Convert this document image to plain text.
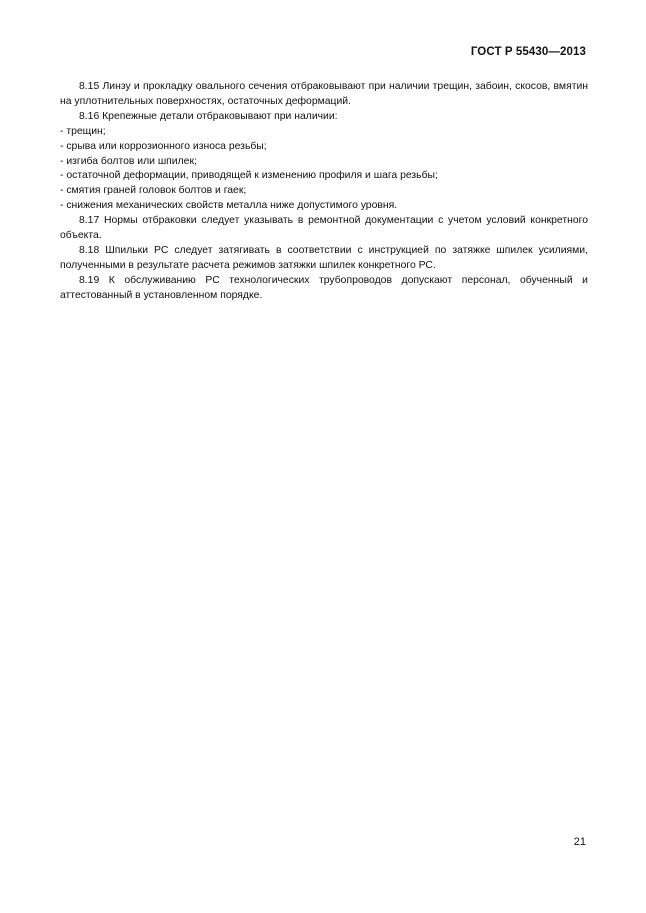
ГОСТ Р 55430—2013

8.15 Линзу и прокладку овального сечения отбраковывают при наличии трещин, забоин, скосов, вмятин на уплотнительных поверхностях, остаточных деформаций.

8.16 Крепежные детали отбраковывают при наличии:

- трещин;

- срыва или коррозионного износа резьбы;

- изгиба болтов или шпилек;

- остаточной деформации, приводящей к изменению профиля и шага резьбы;

- смятия граней головок болтов и гаек;

- снижения механических свойств металла ниже допустимого уровня.

8.17 Нормы отбраковки следует указывать в ремонтной документации с учетом условий конкретного объекта.

8.18 Шпильки РС следует затягивать в соответствии с инструкцией по затяжке шпилек усилиями, полученными в результате расчета режимов затяжки шпилек конкретного РС.

8.19 К обслуживанию РС технологических трубопроводов допускают персонал, обученный и аттестованный в установленном порядке.

21
